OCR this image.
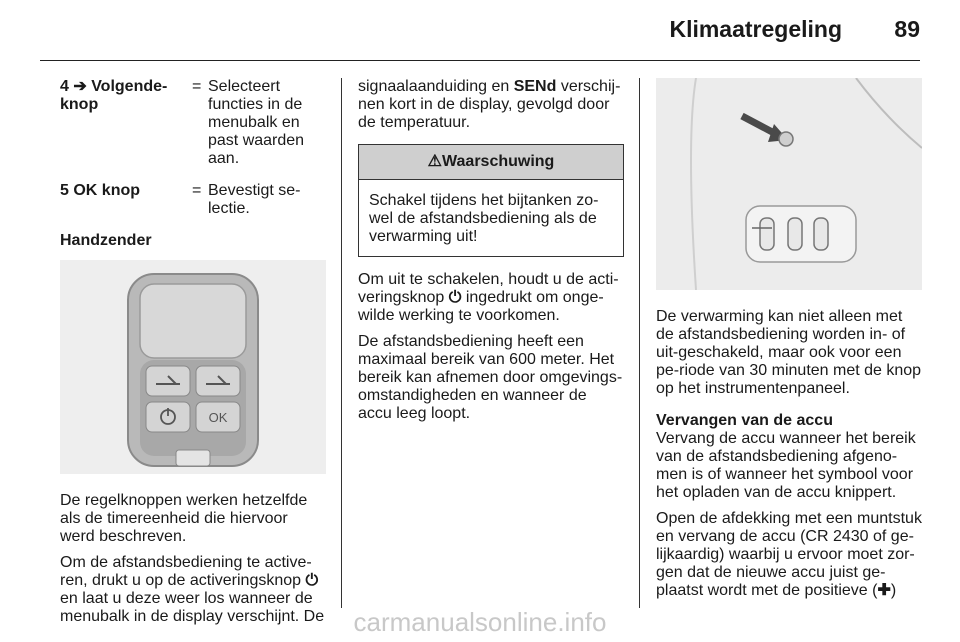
Klimaatregeling 89
4 ➔ Volgende-knop
= Selecteert functies in de menubalk en past waarden aan.
5 OK knop	= Bevestigt se-lectie.
Handzender
OK

De regelknoppen werken hetzelfde als de timereenheid die hiervoor werd beschreven.

Om de afstandsbediening te active-ren, drukt u op de activeringsknop ⏻ en laat u deze weer los wanneer de menubalk in de display verschijnt. De

signaalaanduiding en SENd verschij-nen kort in de display, gevolgd door de temperatuur.

⚠Waarschuwing
Schakel tijdens het bijtanken zo-wel de afstandsbediening als de verwarming uit!

Om uit te schakelen, houdt u de acti-veringsknop ⏻ ingedrukt om onge-wilde werking te voorkomen.

De afstandsbediening heeft een maximaal bereik van 600 meter. Het bereik kan afnemen door omgevings-omstandigheden en wanneer de accu leeg loopt.

De verwarming kan niet alleen met de afstandsbediening worden in- of uit-geschakeld, maar ook voor een pe-riode van 30 minuten met de knop op het instrumentenpaneel.

Vervangen van de accu

Vervang de accu wanneer het bereik van de afstandsbediening afgeno-men is of wanneer het symbool voor het opladen van de accu knippert.

Open de afdekking met een muntstuk en vervang de accu (CR 2430 of ge-lijkaardig) waarbij u ervoor moet zor-gen dat de nieuwe accu juist ge-plaatst wordt met de positieve (✚)

carmanualsonline.info
